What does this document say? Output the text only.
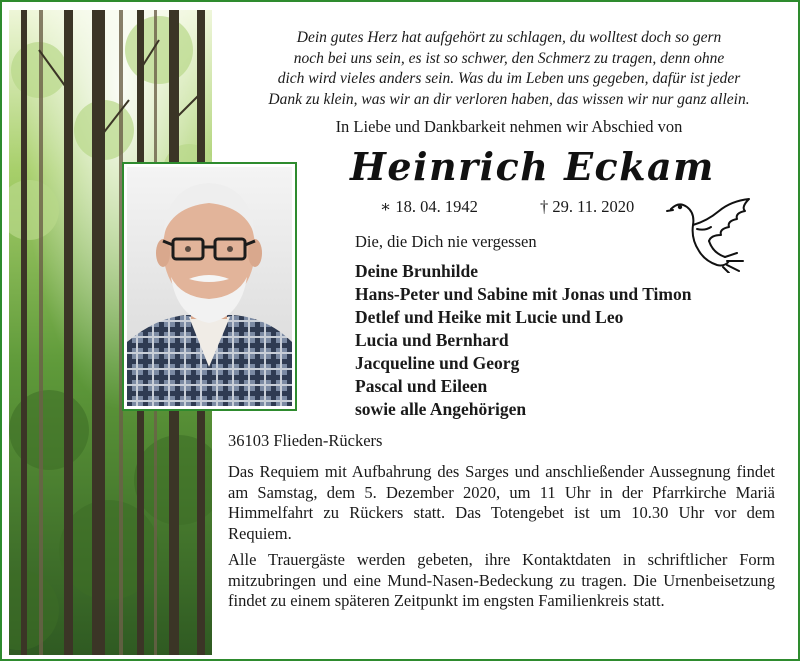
Dein gutes Herz hat aufgehört zu schlagen, du wolltest doch so gern
noch bei uns sein, es ist so schwer, den Schmerz zu tragen, denn ohne
dich wird vieles anders sein. Was du im Leben uns gegeben, dafür ist jeder
Dank zu klein, was wir an dir verloren haben, das wissen wir nur ganz allein.

In Liebe und Dankbarkeit nehmen wir Abschied von

Heinrich Eckam
∗ 18. 04. 1942	† 29. 11. 2020
Die, die Dich nie vergessen
Deine Brunhilde
Hans-Peter und Sabine mit Jonas und Timon
Detlef und Heike mit Lucie und Leo
Lucia und Bernhard
Jacqueline und Georg
Pascal und Eileen
sowie alle Angehörigen
36103 Flieden-Rückers

Das Requiem mit Aufbahrung des Sarges und anschließender Aussegnung findet am Samstag, dem 5. Dezember 2020, um 11 Uhr in der Pfarrkirche Mariä Himmelfahrt zu Rückers statt. Das Totengebet ist um 10.30 Uhr vor dem Requiem.

Alle Trauergäste werden gebeten, ihre Kontaktdaten in schriftlicher Form mitzubringen und eine Mund-Nasen-Bedeckung zu tragen. Die Urnenbeisetzung findet zu einem späteren Zeitpunkt im engsten Familienkreis statt.
